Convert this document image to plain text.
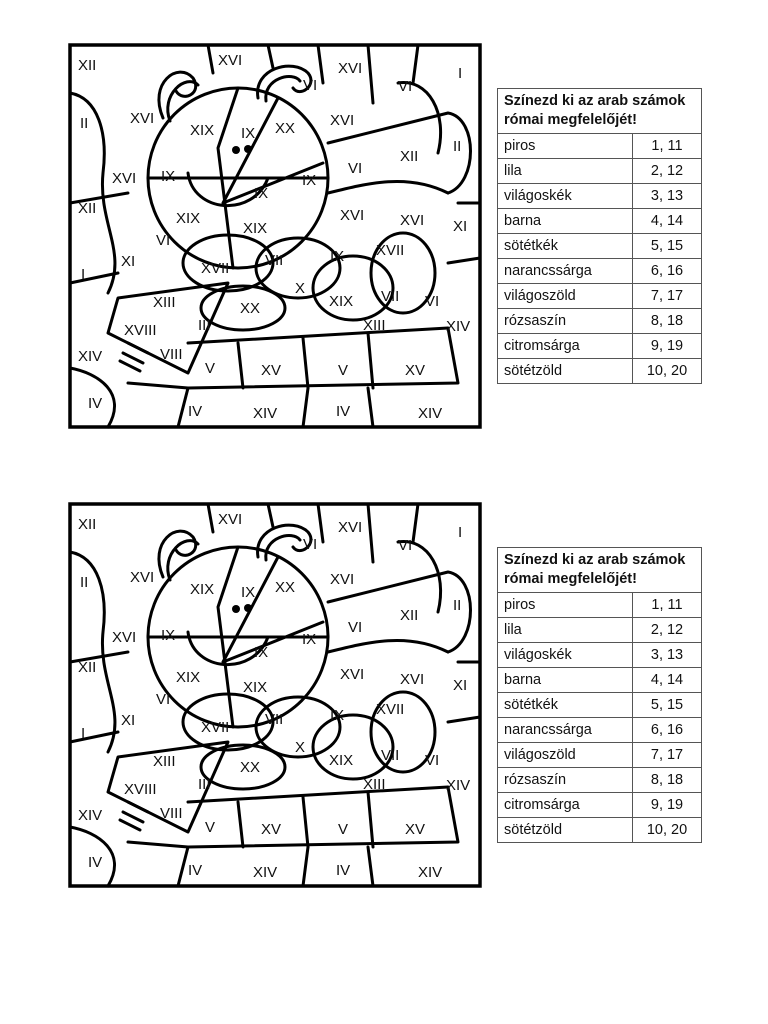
XII	XVI
VI
XVI
VI
I
II	XVI
XIX IX XX XVI
XII
II
XVI IX
IX
IX
VI
XII
XIX
XIX
XVI XVI XI
VI
XI	XVII VII	IX XVII
I
XIII
X
XIX VII VI
XX
III	XIII	XIV
XVIII
VIII
XIV
V	XV	V	XV
IV	IV	XIV	IV	XIV
Színezd ki az arab számok
római megfelelőjét!	

piros	1, 11
lila	2, 12
világoskék	3, 13
barna	4, 14
sötétkék	5, 15
narancssárga	6, 16
világoszöld	7, 17
rózsaszín	8, 18
citromsárga	9, 19
sötétzöld	10, 20
XII	XVI
VI
XVI
VI
I
II	XVI
XIX IX XX XVI
XII
II
XVI IX
IX
IX
VI
XII
XIX
XIX
XVI XVI XI
VI
XI	XVII VII	IX XVII
I
XIII
X
XIX VII VI
XX
III	XIII	XIV
XVIII
VIII
XIV
V	XV	V	XV
IV	IV	XIV	IV	XIV
Színezd ki az arab számok
római megfelelőjét!	

piros	1, 11
lila	2, 12
világoskék	3, 13
barna	4, 14
sötétkék	5, 15
narancssárga	6, 16
világoszöld	7, 17
rózsaszín	8, 18
citromsárga	9, 19
sötétzöld	10, 20
